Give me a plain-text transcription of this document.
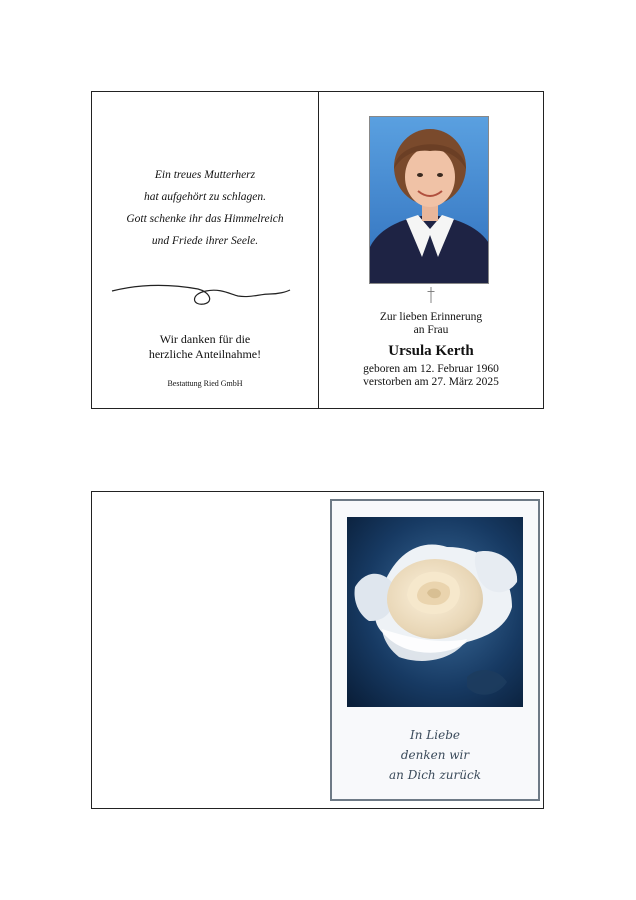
Ein treues Mutterherz
hat aufgehört zu schlagen.
Gott schenke ihr das Himmelreich
und Friede ihrer Seele.
Wir danken für die
herzliche Anteilnahme!
Bestattung Ried GmbH
Zur lieben Erinnerung
an Frau
Ursula Kerth
geboren am 12. Februar 1960
verstorben am 27. März 2025
In Liebe
denken wir
an Dich zurück
